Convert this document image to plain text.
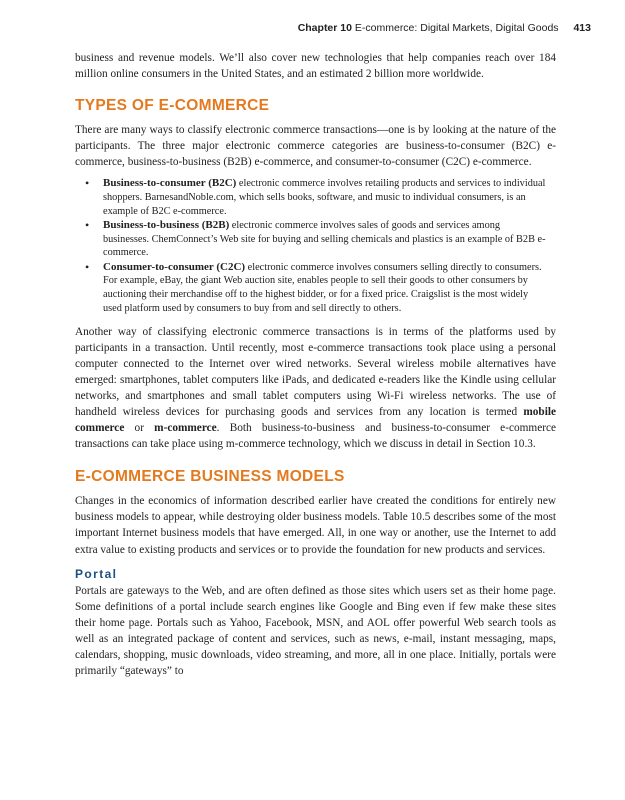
Chapter 10 E-commerce: Digital Markets, Digital Goods 413

business and revenue models. We’ll also cover new technologies that help companies reach over 184 million online consumers in the United States, and an estimated 2 billion more worldwide.

TYPES OF E-COMMERCE

There are many ways to classify electronic commerce transactions—one is by looking at the nature of the participants. The three major electronic commerce categories are business-to-consumer (B2C) e-commerce, business-to-business (B2B) e-commerce, and consumer-to-consumer (C2C) e-commerce.

• Business-to-consumer (B2C) electronic commerce involves retailing products and services to individual shoppers. BarnesandNoble.com, which sells books, software, and music to individual consumers, is an example of B2C e-commerce.
• Business-to-business (B2B) electronic commerce involves sales of goods and services among businesses. ChemConnect’s Web site for buying and selling chemicals and plastics is an example of B2B e-commerce.
• Consumer-to-consumer (C2C) electronic commerce involves consumers selling directly to consumers. For example, eBay, the giant Web auction site, enables people to sell their goods to other consumers by auctioning their merchandise off to the highest bidder, or for a fixed price. Craigslist is the most widely used platform used by consumers to buy from and sell directly to others.

Another way of classifying electronic commerce transactions is in terms of the platforms used by participants in a transaction. Until recently, most e-commerce transactions took place using a personal computer connected to the Internet over wired networks. Several wireless mobile alternatives have emerged: smartphones, tablet computers like iPads, and dedicated e-readers like the Kindle using cellular networks, and smartphones and small tablet computers using Wi-Fi wireless networks. The use of handheld wireless devices for purchasing goods and services from any location is termed mobile commerce or m-commerce. Both business-to-business and business-to-consumer e-commerce transactions can take place using m-commerce technology, which we discuss in detail in Section 10.3.

E-COMMERCE BUSINESS MODELS

Changes in the economics of information described earlier have created the conditions for entirely new business models to appear, while destroying older business models. Table 10.5 describes some of the most important Internet business models that have emerged. All, in one way or another, use the Internet to add extra value to existing products and services or to provide the foundation for new products and services.

Portal

Portals are gateways to the Web, and are often defined as those sites which users set as their home page. Some definitions of a portal include search engines like Google and Bing even if few make these sites their home page. Portals such as Yahoo, Facebook, MSN, and AOL offer powerful Web search tools as well as an integrated package of content and services, such as news, e-mail, instant messaging, maps, calendars, shopping, music downloads, video streaming, and more, all in one place. Initially, portals were primarily “gateways” to
